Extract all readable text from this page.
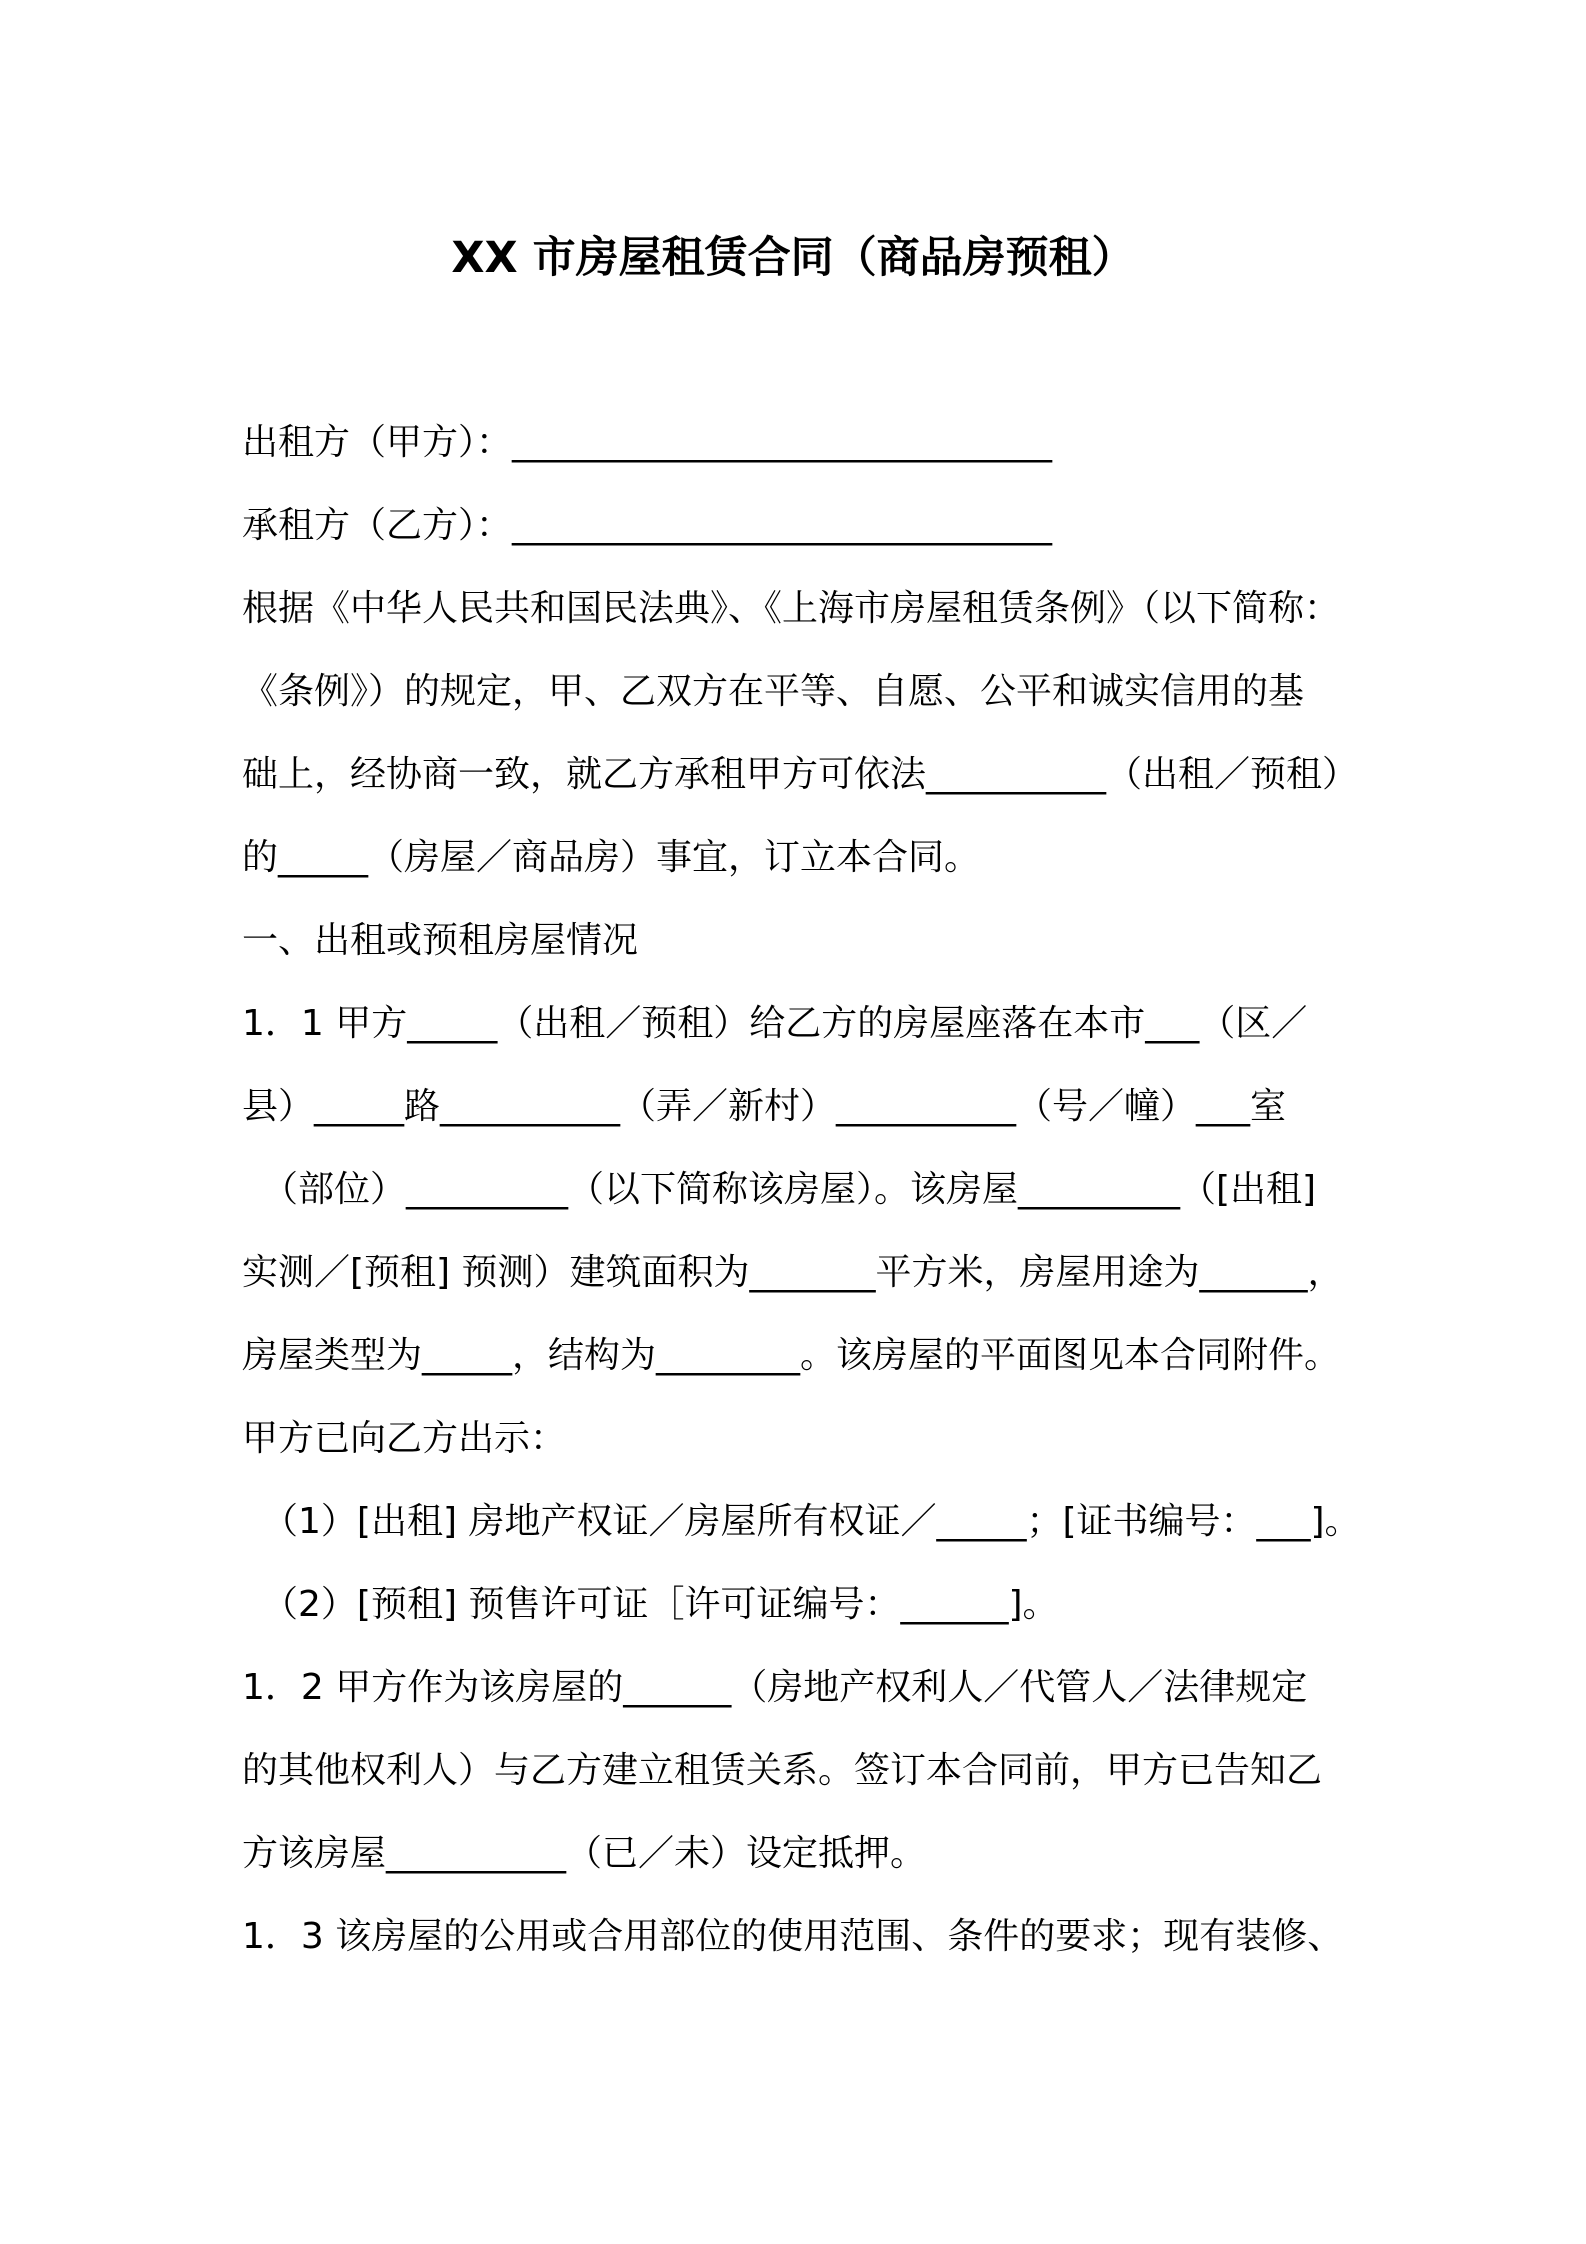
XX 市房屋租赁合同（商品房预租）
出租方（甲方）：______________________________
承租方（乙方）：______________________________
根据《中华人民共和国民法典》、《上海市房屋租赁条例》（以下简称：
《条例》）的规定，甲、乙双方在平等、自愿、公平和诚实信用的基
础上，经协商一致，就乙方承租甲方可依法__________（出租／预租）
的_____（房屋／商品房）事宜，订立本合同。
一、出租或预租房屋情况
1．1 甲方_____（出租／预租）给乙方的房屋座落在本市___（区／
县）_____路__________（弄／新村）__________（号／幢）___室
（部位）_________（以下简称该房屋）。该房屋_________（[出租]
实测／[预租] 预测）建筑面积为_______平方米，房屋用途为______，
房屋类型为_____，结构为________。该房屋的平面图见本合同附件。
甲方已向乙方出示：
（1）[出租] 房地产权证／房屋所有权证／_____；[证书编号：___]。
（2）[预租] 预售许可证［许可证编号：______]。
1．2 甲方作为该房屋的______（房地产权利人／代管人／法律规定
的其他权利人）与乙方建立租赁关系。签订本合同前，甲方已告知乙
方该房屋__________（已／未）设定抵押。
1．3 该房屋的公用或合用部位的使用范围、条件的要求；现有装修、
